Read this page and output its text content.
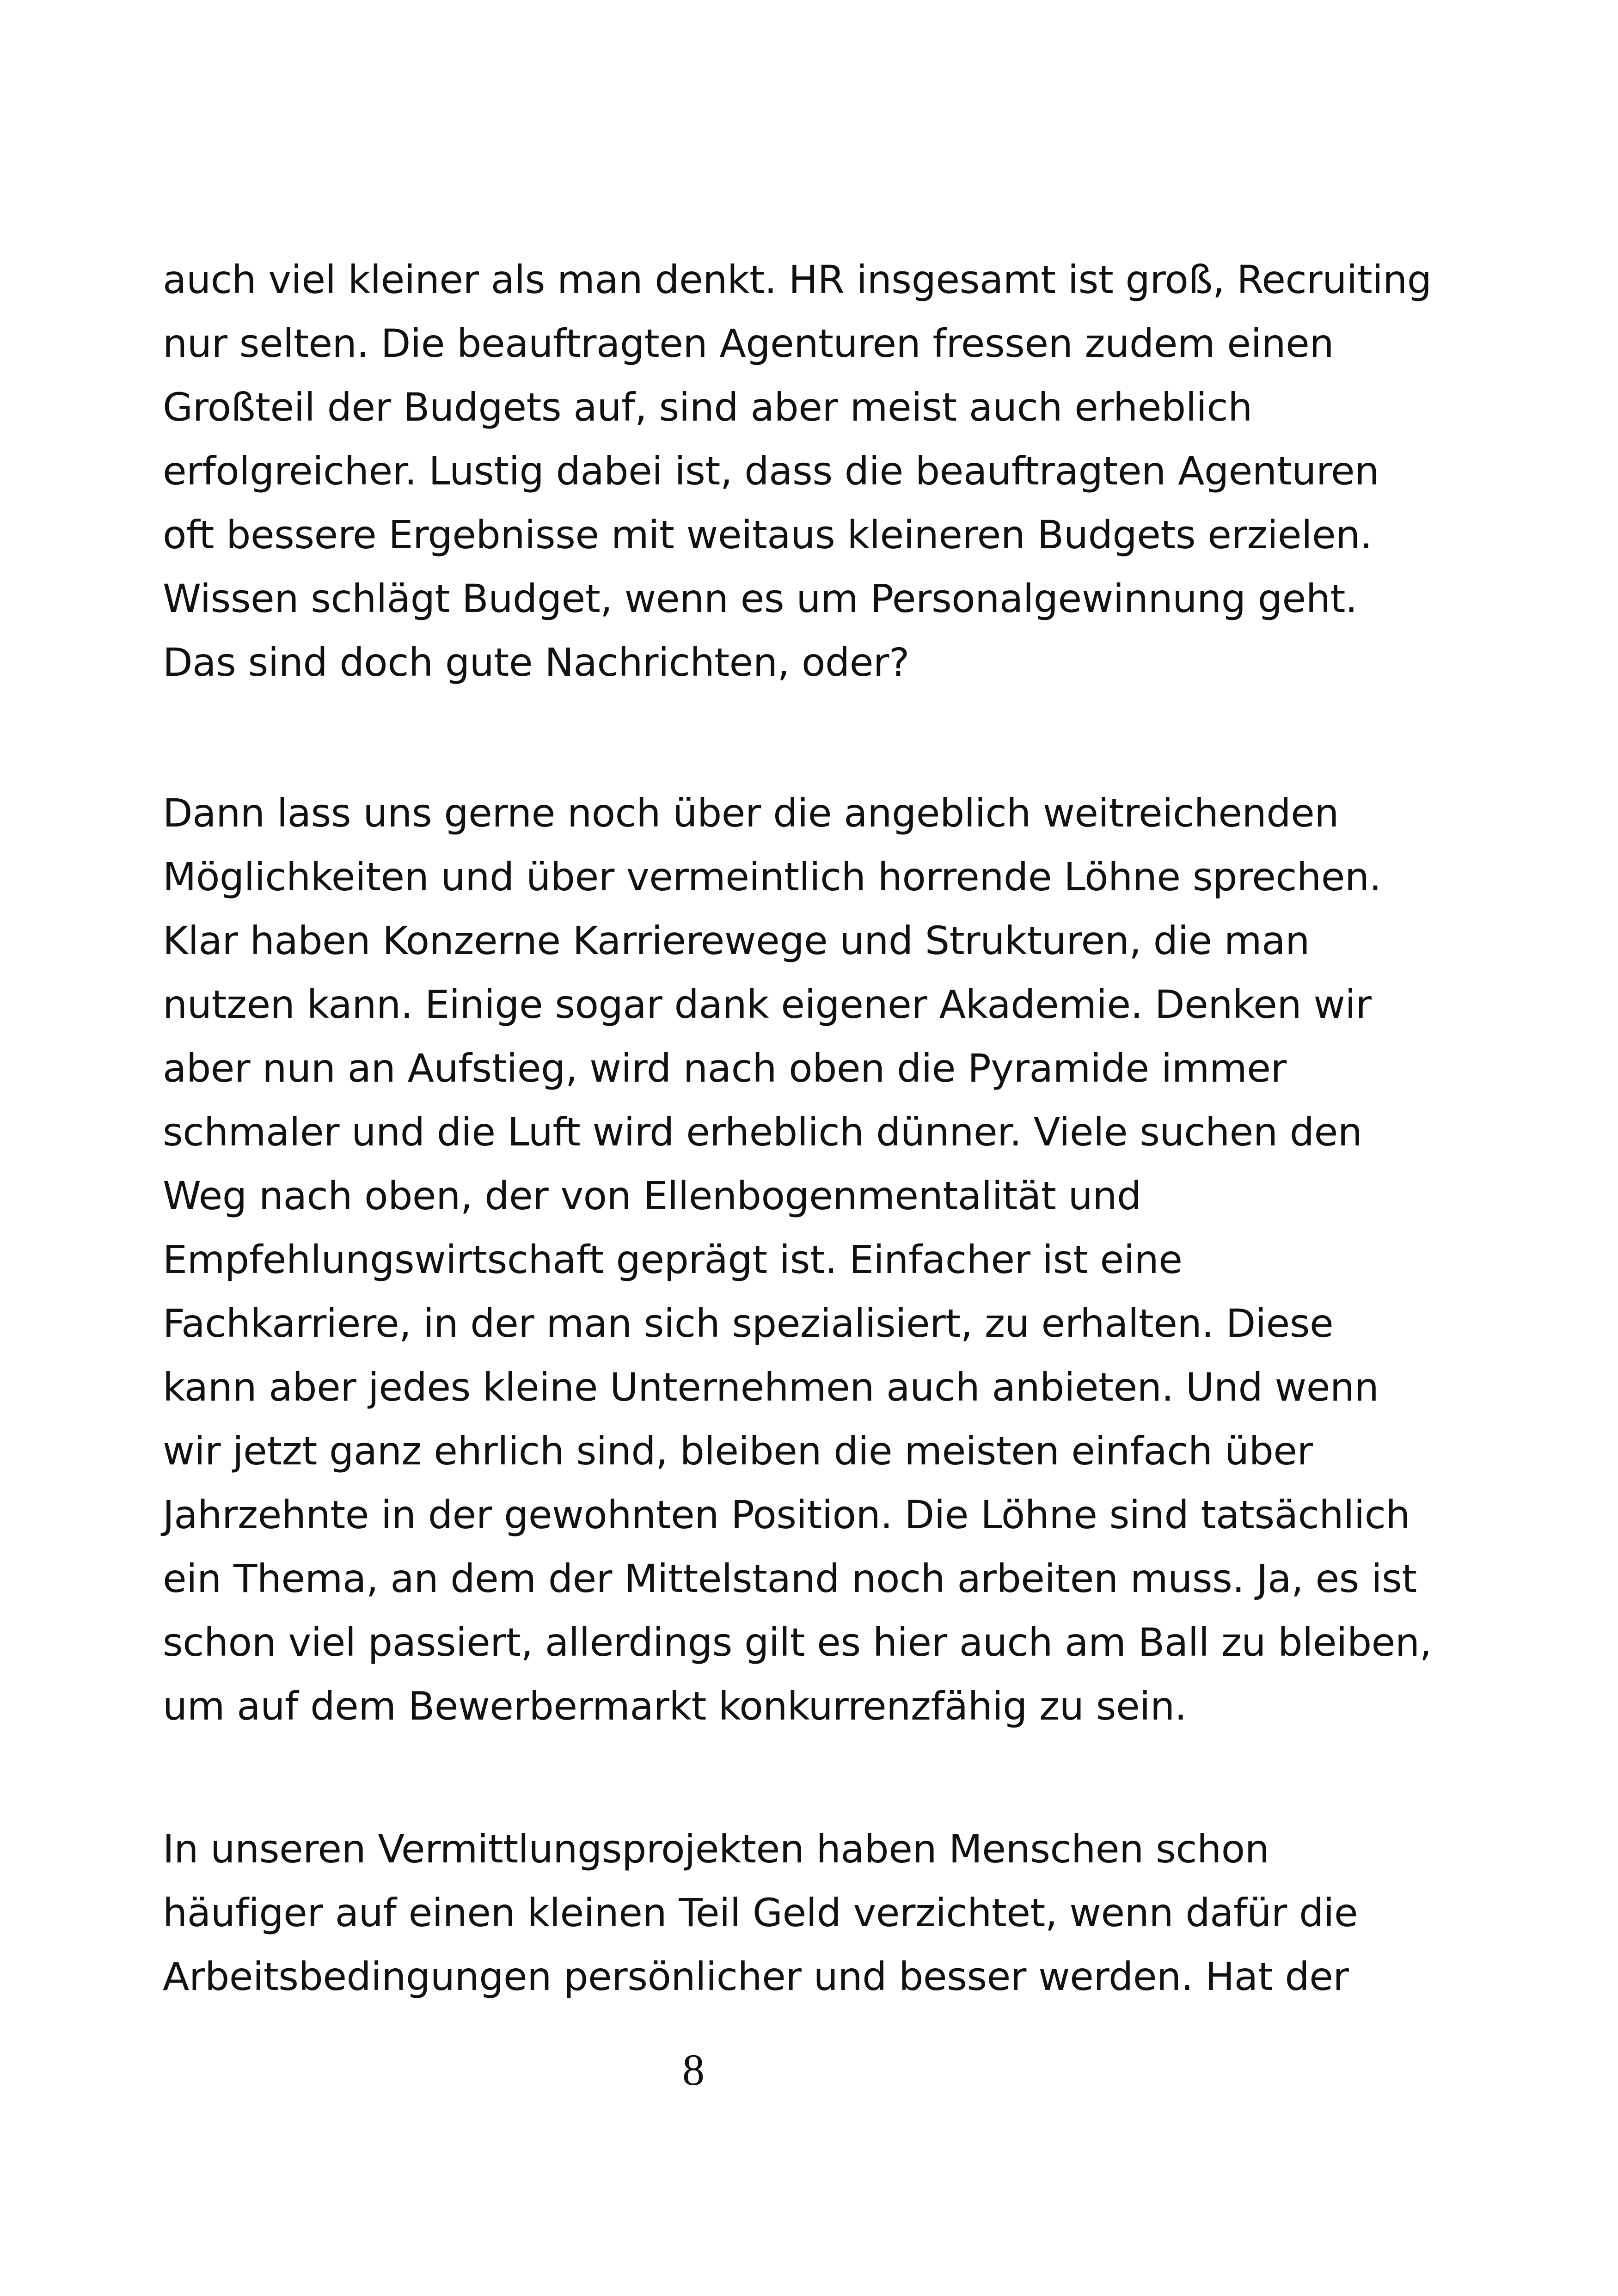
auch viel kleiner als man denkt. HR insgesamt ist groß, Recruiting
nur selten. Die beauftragten Agenturen fressen zudem einen
Großteil der Budgets auf, sind aber meist auch erheblich
erfolgreicher. Lustig dabei ist, dass die beauftragten Agenturen
oft bessere Ergebnisse mit weitaus kleineren Budgets erzielen.
Wissen schlägt Budget, wenn es um Personalgewinnung geht.
Das sind doch gute Nachrichten, oder?
Dann lass uns gerne noch über die angeblich weitreichenden
Möglichkeiten und über vermeintlich horrende Löhne sprechen.
Klar haben Konzerne Karrierewege und Strukturen, die man
nutzen kann. Einige sogar dank eigener Akademie. Denken wir
aber nun an Aufstieg, wird nach oben die Pyramide immer
schmaler und die Luft wird erheblich dünner. Viele suchen den
Weg nach oben, der von Ellenbogenmentalität und
Empfehlungswirtschaft geprägt ist. Einfacher ist eine
Fachkarriere, in der man sich spezialisiert, zu erhalten. Diese
kann aber jedes kleine Unternehmen auch anbieten. Und wenn
wir jetzt ganz ehrlich sind, bleiben die meisten einfach über
Jahrzehnte in der gewohnten Position. Die Löhne sind tatsächlich
ein Thema, an dem der Mittelstand noch arbeiten muss. Ja, es ist
schon viel passiert, allerdings gilt es hier auch am Ball zu bleiben,
um auf dem Bewerbermarkt konkurrenzfähig zu sein.
In unseren Vermittlungsprojekten haben Menschen schon
häufiger auf einen kleinen Teil Geld verzichtet, wenn dafür die
Arbeitsbedingungen persönlicher und besser werden. Hat der
8
